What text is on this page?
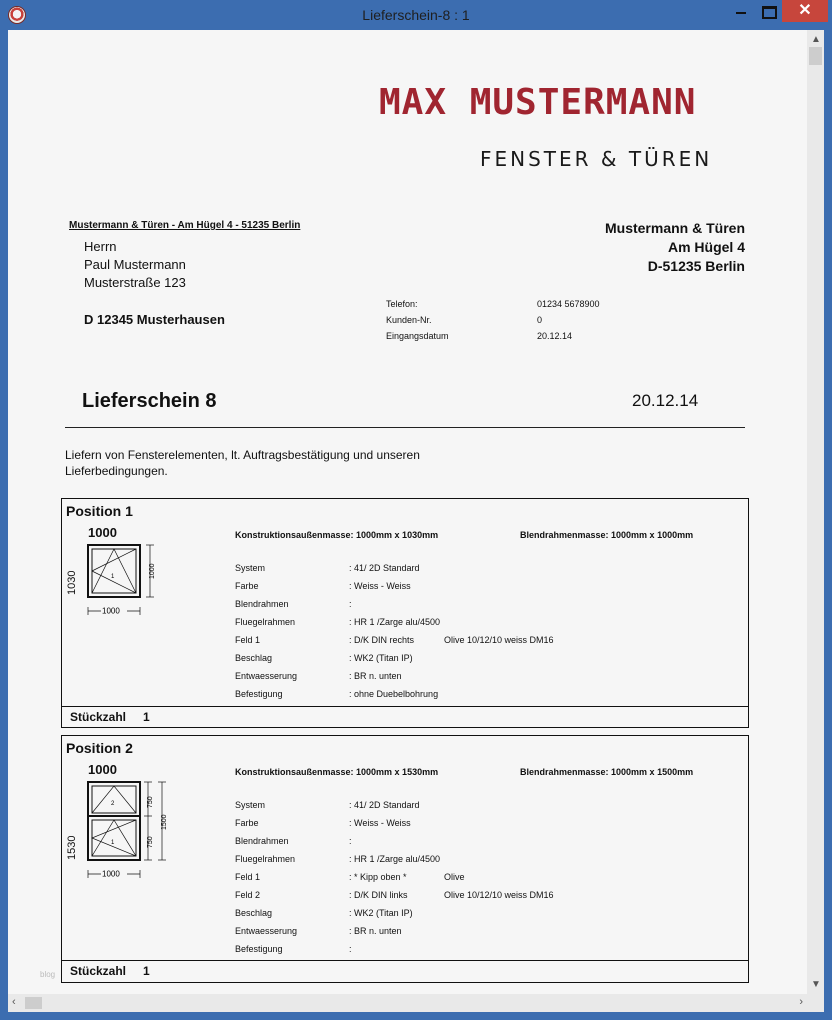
Lieferschein-8 : 1	✕
MAX MUSTERMANN
FENSTER & TÜREN
Mustermann & Türen - Am Hügel 4 - 51235 Berlin
Herrn
Paul Mustermann
Musterstraße 123
D 12345 Musterhausen
Mustermann & Türen
Am Hügel 4
D-51235 Berlin
Telefon:	01234 5678900
Kunden-Nr.	0
Eingangsdatum	20.12.14
Lieferschein 8	20.12.14
Liefern von Fensterelementen, lt. Auftragsbestätigung und unseren Lieferbedingungen.
Position 1
1000
1030
Konstruktionsaußenmasse: 1000mm x 1030mm	Blendrahmenmasse: 1000mm x 1000mm
1	1000
1000
System	: 41/ 2D Standard
Farbe	: Weiss - Weiss
Blendrahmen	:
Fluegelrahmen	: HR 1 /Zarge alu/4500
Feld 1	: D/K DIN rechts	Olive 10/12/10 weiss DM16
Beschlag	: WK2 (Titan IP)
Entwaesserung	: BR n. unten
Befestigung	: ohne Duebelbohrung
Stückzahl 1
Position 2
1000
1530
Konstruktionsaußenmasse: 1000mm x 1530mm	Blendrahmenmasse: 1000mm x 1500mm
2
1
750
750
1500
1000
System	: 41/ 2D Standard
Farbe	: Weiss - Weiss
Blendrahmen	:
Fluegelrahmen	: HR 1 /Zarge alu/4500
Feld 1	: * Kipp oben *	Olive
Feld 2	: D/K DIN links	Olive 10/12/10 weiss DM16
Beschlag	: WK2 (Titan IP)
Entwaesserung	: BR n. unten
Befestigung	:
Stückzahl 1
blog
▲
▼
‹	›
